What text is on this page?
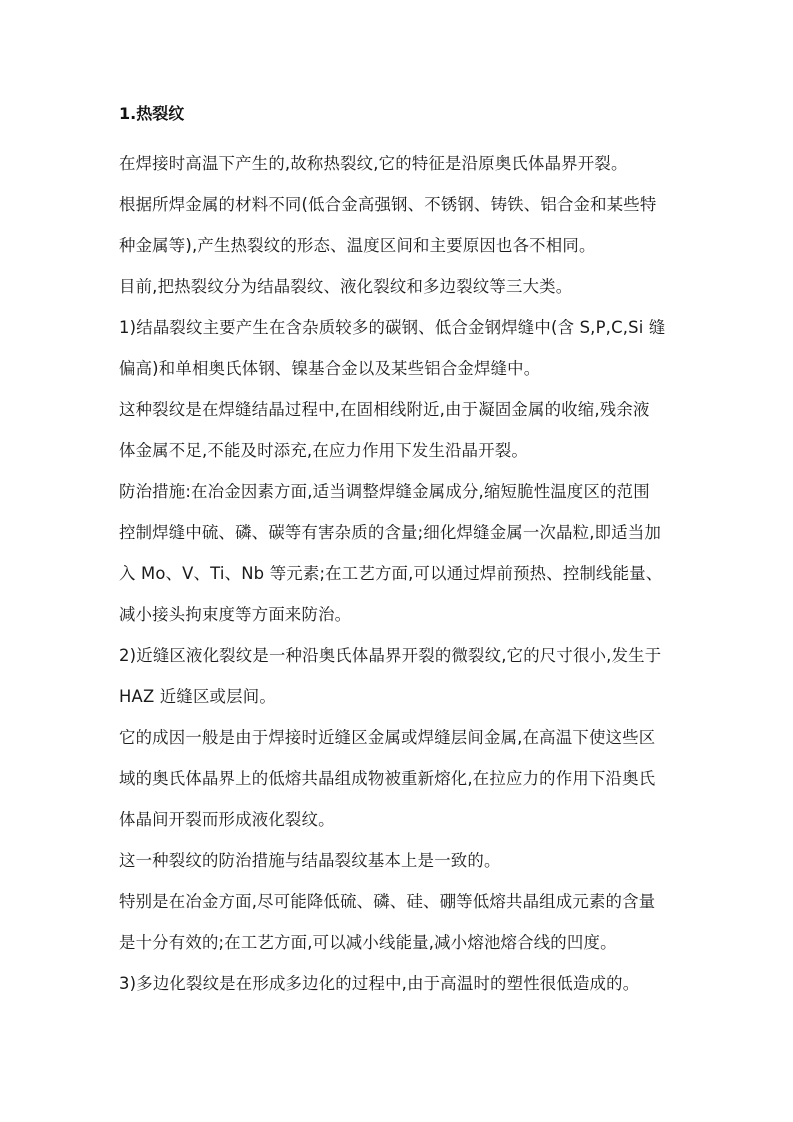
1.热裂纹

在焊接时高温下产生的,故称热裂纹,它的特征是沿原奥氏体晶界开裂。

根据所焊金属的材料不同(低合金高强钢、不锈钢、铸铁、铝合金和某些特
种金属等),产生热裂纹的形态、温度区间和主要原因也各不相同。

目前,把热裂纹分为结晶裂纹、液化裂纹和多边裂纹等三大类。

1)结晶裂纹主要产生在含杂质较多的碳钢、低合金钢焊缝中(含 S,P,C,Si 缝
偏高)和单相奥氏体钢、镍基合金以及某些铝合金焊缝中。

这种裂纹是在焊缝结晶过程中,在固相线附近,由于凝固金属的收缩,残余液
体金属不足,不能及时添充,在应力作用下发生沿晶开裂。

防治措施:在冶金因素方面,适当调整焊缝金属成分,缩短脆性温度区的范围
控制焊缝中硫、磷、碳等有害杂质的含量;细化焊缝金属一次晶粒,即适当加
入 Mo、V、Ti、Nb 等元素;在工艺方面,可以通过焊前预热、控制线能量、
减小接头拘束度等方面来防治。

2)近缝区液化裂纹是一种沿奥氏体晶界开裂的微裂纹,它的尺寸很小,发生于
HAZ 近缝区或层间。

它的成因一般是由于焊接时近缝区金属或焊缝层间金属,在高温下使这些区
域的奥氏体晶界上的低熔共晶组成物被重新熔化,在拉应力的作用下沿奥氏
体晶间开裂而形成液化裂纹。

这一种裂纹的防治措施与结晶裂纹基本上是一致的。

特别是在冶金方面,尽可能降低硫、磷、硅、硼等低熔共晶组成元素的含量
是十分有效的;在工艺方面,可以减小线能量,减小熔池熔合线的凹度。

3)多边化裂纹是在形成多边化的过程中,由于高温时的塑性很低造成的。
